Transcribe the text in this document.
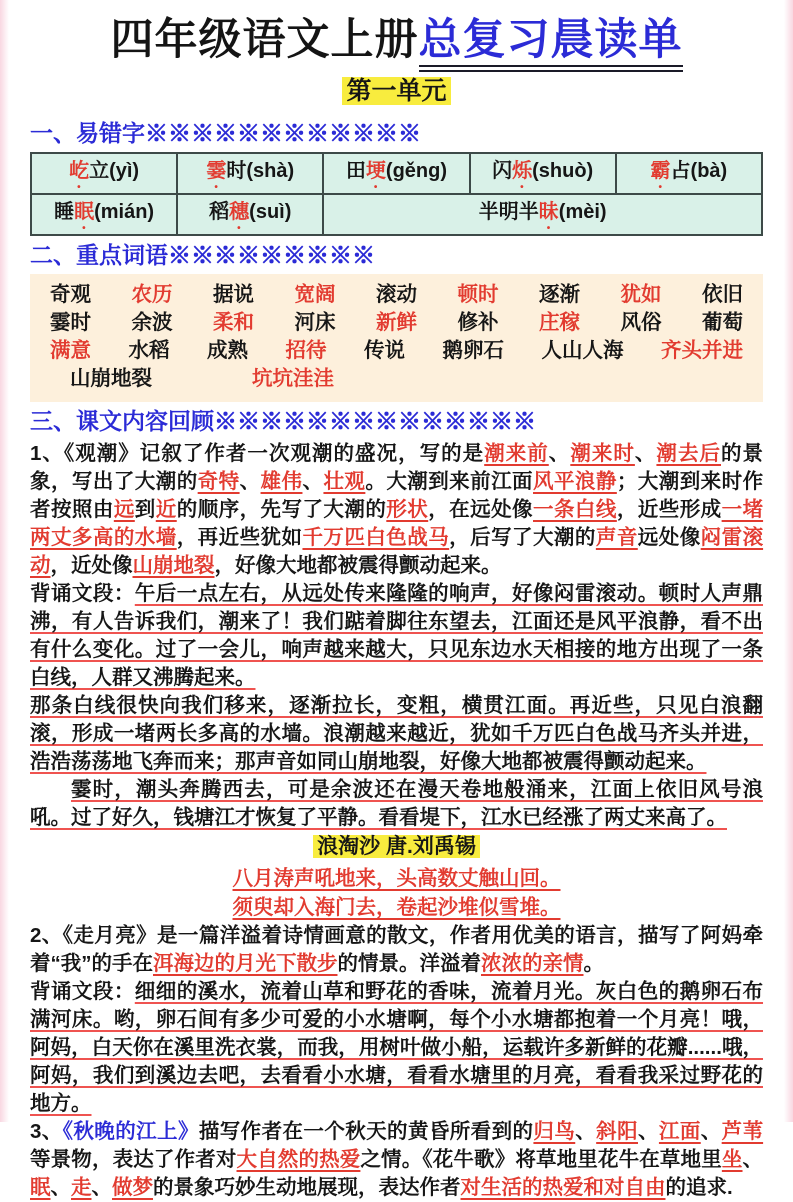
四年级语文上册总复习晨读单
第一单元
一、易错字※※※※※※※※※※※※
屹立(yì)	霎时(shà)	田埂(gěng)	闪烁(shuò)	霸占(bà)
睡眠(mián)	稻穗(suì)	半明半昧(mèi)		
二、重点词语※※※※※※※※※
奇观 农历 据说 宽阔 滚动 顿时 逐渐 犹如 依旧
霎时 余波 柔和 河床 新鲜 修补 庄稼 风俗 葡萄
满意 水稻 成熟 招待 传说 鹅卵石 人山人海 齐头并进
山崩地裂	坑坑洼洼
三、课文内容回顾※※※※※※※※※※※※※※

1、《观潮》记叙了作者一次观潮的盛况，写的是潮来前、潮来时、潮去后的景象，写出了大潮的奇特、雄伟、壮观。大潮到来前江面风平浪静；大潮到来时作者按照由远到近的顺序，先写了大潮的形状，在远处像一条白线，近些形成一堵两丈多高的水墙，再近些犹如千万匹白色战马，后写了大潮的声音远处像闷雷滚动，近处像山崩地裂，好像大地都被震得颤动起来。

背诵文段：午后一点左右，从远处传来隆隆的响声，好像闷雷滚动。顿时人声鼎沸，有人告诉我们，潮来了！我们踮着脚往东望去，江面还是风平浪静，看不出有什么变化。过了一会儿，响声越来越大，只见东边水天相接的地方出现了一条白线，人群又沸腾起来。

那条白线很快向我们移来，逐渐拉长，变粗，横贯江面。再近些，只见白浪翻滚，形成一堵两长多高的水墙。浪潮越来越近，犹如千万匹白色战马齐头并进，浩浩荡荡地飞奔而来；那声音如同山崩地裂，好像大地都被震得颤动起来。

霎时，潮头奔腾西去，可是余波还在漫天卷地般涌来，江面上依旧风号浪吼。过了好久，钱塘江才恢复了平静。看看堤下，江水已经涨了两丈来高了。

浪淘沙 唐.刘禹锡
八月涛声吼地来，头高数丈触山回。
须臾却入海门去，卷起沙堆似雪堆。

2、《走月亮》是一篇洋溢着诗情画意的散文，作者用优美的语言，描写了阿妈牵着“我”的手在洱海边的月光下散步的情景。洋溢着浓浓的亲情。

背诵文段：细细的溪水，流着山草和野花的香味，流着月光。灰白色的鹅卵石布满河床。哟，卵石间有多少可爱的小水塘啊，每个小水塘都抱着一个月亮！哦，阿妈，白天你在溪里洗衣裳，而我，用树叶做小船，运载许多新鲜的花瓣......哦，阿妈，我们到溪边去吧，去看看小水塘，看看水塘里的月亮，看看我采过野花的地方。

3、《秋晚的江上》描写作者在一个秋天的黄昏所看到的归鸟、斜阳、江面、芦苇等景物，表达了作者对大自然的热爱之情。《花牛歌》将草地里花牛在草地里坐、眠、走、做梦的景象巧妙生动地展现，表达作者对生活的热爱和对自由的追求.
